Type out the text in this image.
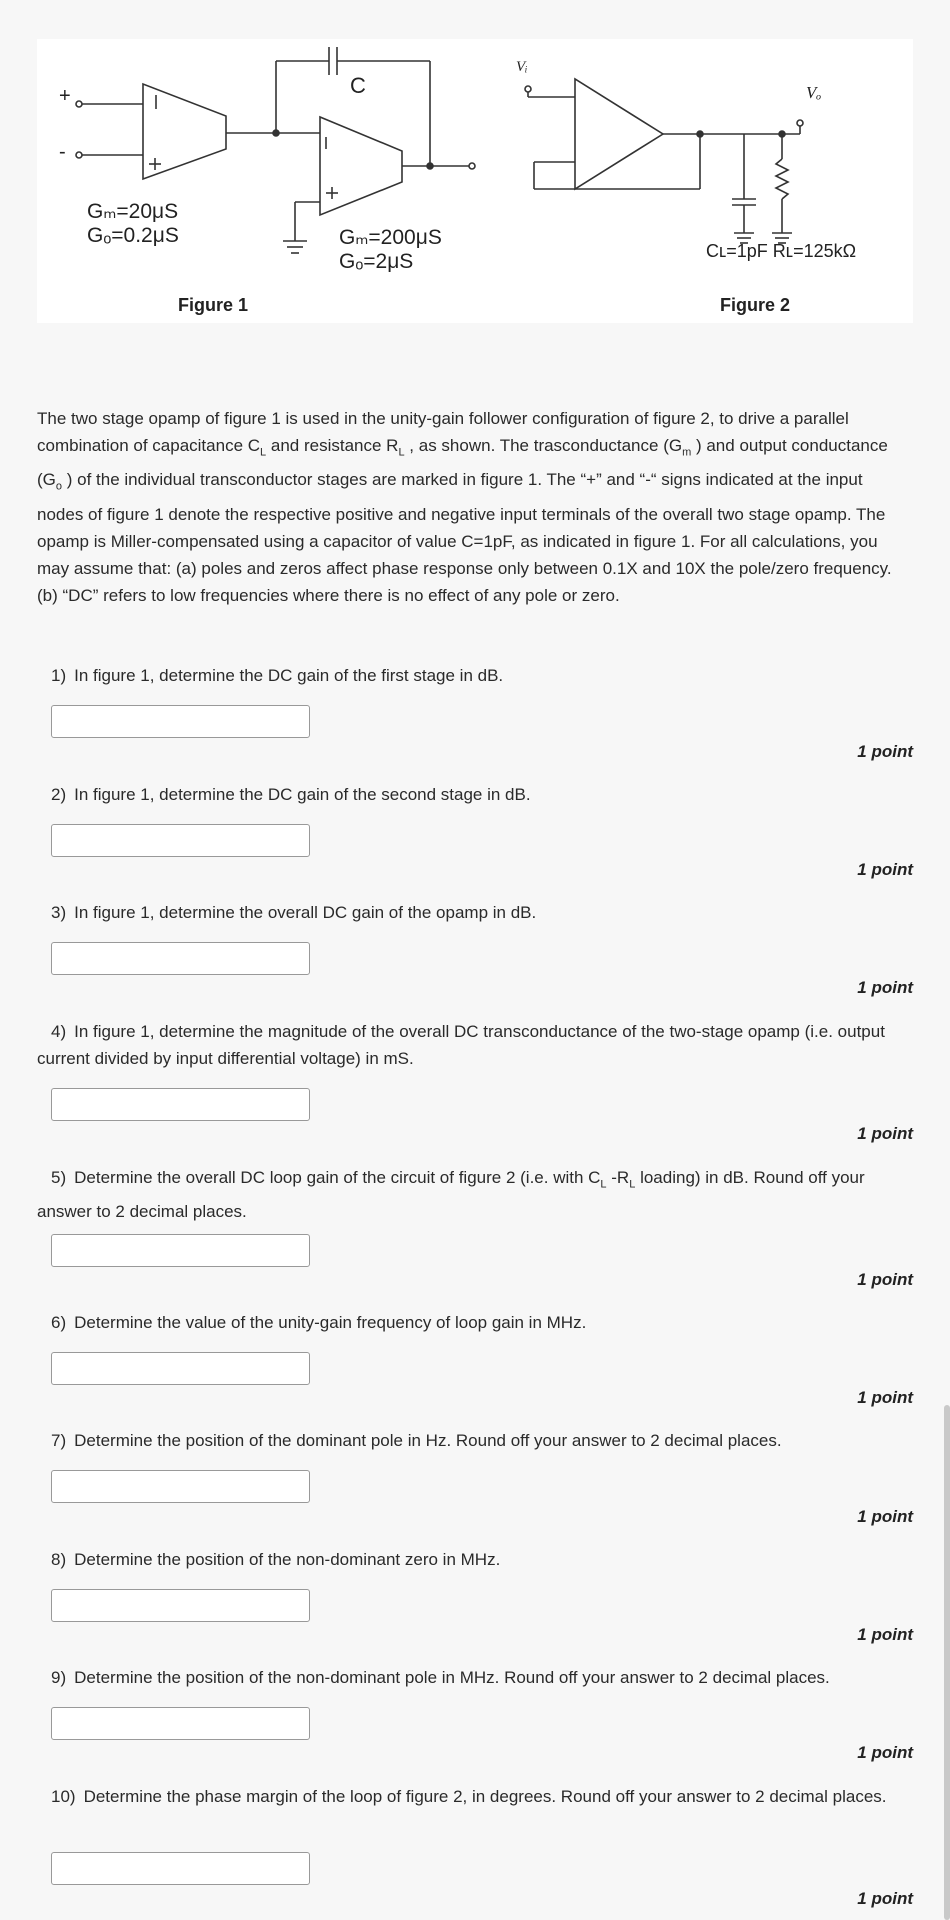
+
-

C
Gₘ=20μS
Gₒ=0.2μS	Gₘ=200μS
Gₒ=2μS
Vᵢ
Vₒ
Cʟ=1pF Rʟ=125kΩ
Figure 1	Figure 2
The two stage opamp of figure 1 is used in the unity-gain follower configuration of figure 2, to drive a parallel combination of capacitance $C_L$ and resistance $R_L$ , as shown. The trasconductance ($G_m$ ) and output conductance ($G_o$ ) of the individual transconductor stages are marked in figure 1. The “+” and “-“ signs indicated at the input nodes of figure 1 denote the respective positive and negative input terminals of the overall two stage opamp. The opamp is Miller-compensated using a capacitor of value C=1pF, as indicated in figure 1. For all calculations, you may assume that: (a) poles and zeros affect phase response only between 0.1X and 10X the pole/zero frequency. (b) “DC” refers to low frequencies where there is no effect of any pole or zero.
1) In figure 1, determine the DC gain of the first stage in dB.
1 point
2) In figure 1, determine the DC gain of the second stage in dB.
1 point
3) In figure 1, determine the overall DC gain of the opamp in dB.
1 point
4) In figure 1, determine the magnitude of the overall DC transconductance of the two-stage opamp (i.e. output current divided by input differential voltage) in mS.
1 point
5) Determine the overall DC loop gain of the circuit of figure 2 (i.e. with $C_L$ $-R_L$ loading) in dB. Round off your answer to 2 decimal places.
1 point
6) Determine the value of the unity-gain frequency of loop gain in MHz.
1 point
7) Determine the position of the dominant pole in Hz. Round off your answer to 2 decimal places.
1 point
8) Determine the position of the non-dominant zero in MHz.
1 point
9) Determine the position of the non-dominant pole in MHz. Round off your answer to 2 decimal places.
1 point
10) Determine the phase margin of the loop of figure 2, in degrees. Round off your answer to 2 decimal places.
1 point
